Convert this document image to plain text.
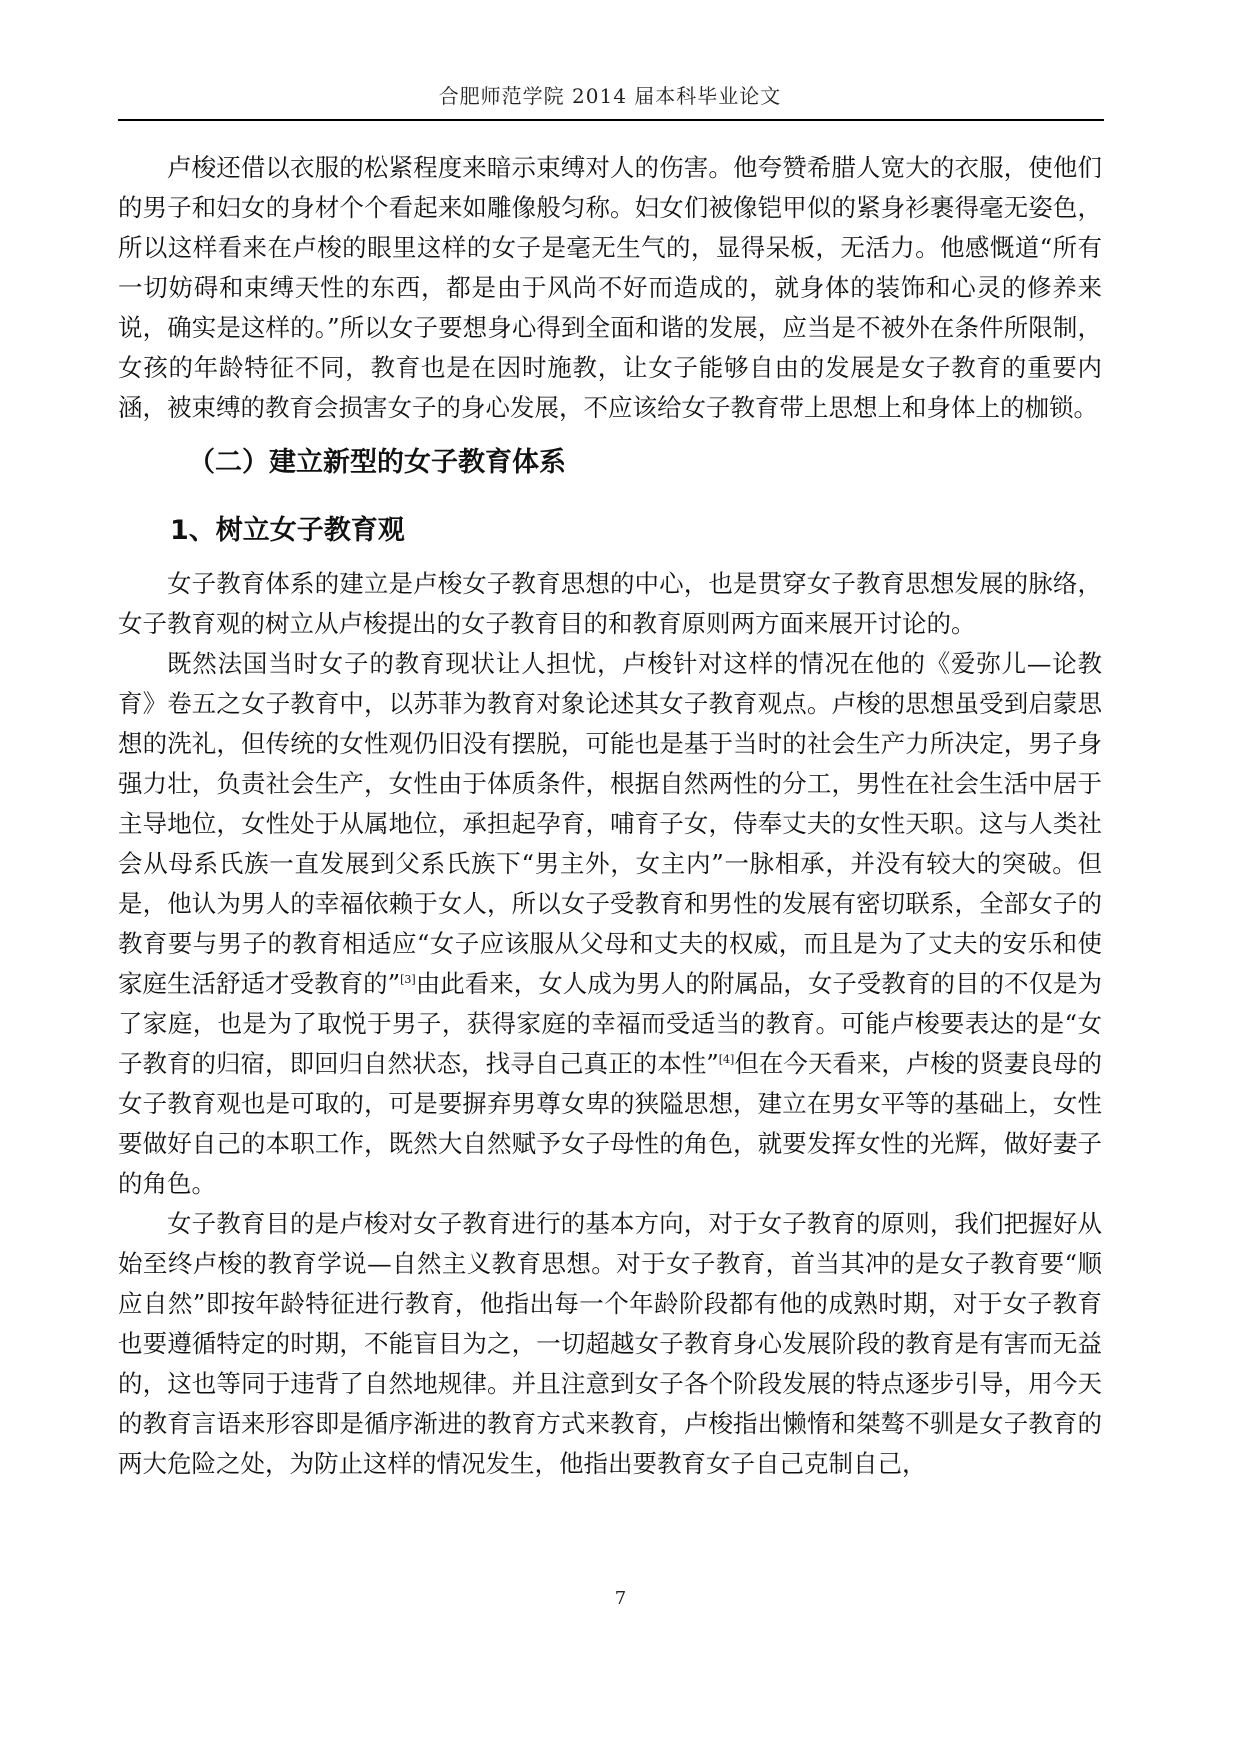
合肥师范学院 2014 届本科毕业论文

卢梭还借以衣服的松紧程度来暗示束缚对人的伤害。他夸赞希腊人宽大的衣服，使他们的男子和妇女的身材个个看起来如雕像般匀称。妇女们被像铠甲似的紧身衫裹得毫无姿色，所以这样看来在卢梭的眼里这样的女子是毫无生气的，显得呆板，无活力。他感慨道“所有一切妨碍和束缚天性的东西，都是由于风尚不好而造成的，就身体的装饰和心灵的修养来说，确实是这样的。”所以女子要想身心得到全面和谐的发展，应当是不被外在条件所限制，女孩的年龄特征不同，教育也是在因时施教，让女子能够自由的发展是女子教育的重要内涵，被束缚的教育会损害女子的身心发展，不应该给女子教育带上思想上和身体上的枷锁。

（二）建立新型的女子教育体系
1、树立女子教育观

女子教育体系的建立是卢梭女子教育思想的中心，也是贯穿女子教育思想发展的脉络，女子教育观的树立从卢梭提出的女子教育目的和教育原则两方面来展开讨论的。

既然法国当时女子的教育现状让人担忧，卢梭针对这样的情况在他的《爱弥儿—论教育》卷五之女子教育中，以苏菲为教育对象论述其女子教育观点。卢梭的思想虽受到启蒙思想的洗礼，但传统的女性观仍旧没有摆脱，可能也是基于当时的社会生产力所决定，男子身强力壮，负责社会生产，女性由于体质条件，根据自然两性的分工，男性在社会生活中居于主导地位，女性处于从属地位，承担起孕育，哺育子女，侍奉丈夫的女性天职。这与人类社会从母系氏族一直发展到父系氏族下“男主外，女主内”一脉相承，并没有较大的突破。但是，他认为男人的幸福依赖于女人，所以女子受教育和男性的发展有密切联系，全部女子的教育要与男子的教育相适应“女子应该服从父母和丈夫的权威，而且是为了丈夫的安乐和使家庭生活舒适才受教育的”[3]由此看来，女人成为男人的附属品，女子受教育的目的不仅是为了家庭，也是为了取悦于男子，获得家庭的幸福而受适当的教育。可能卢梭要表达的是“女子教育的归宿，即回归自然状态，找寻自己真正的本性”[4]但在今天看来，卢梭的贤妻良母的女子教育观也是可取的，可是要摒弃男尊女卑的狭隘思想，建立在男女平等的基础上，女性要做好自己的本职工作，既然大自然赋予女子母性的角色，就要发挥女性的光辉，做好妻子的角色。

女子教育目的是卢梭对女子教育进行的基本方向，对于女子教育的原则，我们把握好从始至终卢梭的教育学说—自然主义教育思想。对于女子教育，首当其冲的是女子教育要“顺应自然”即按年龄特征进行教育，他指出每一个年龄阶段都有他的成熟时期，对于女子教育也要遵循特定的时期，不能盲目为之，一切超越女子教育身心发展阶段的教育是有害而无益的，这也等同于违背了自然地规律。并且注意到女子各个阶段发展的特点逐步引导，用今天的教育言语来形容即是循序渐进的教育方式来教育，卢梭指出懒惰和桀骜不驯是女子教育的两大危险之处，为防止这样的情况发生，他指出要教育女子自己克制自己，

7
